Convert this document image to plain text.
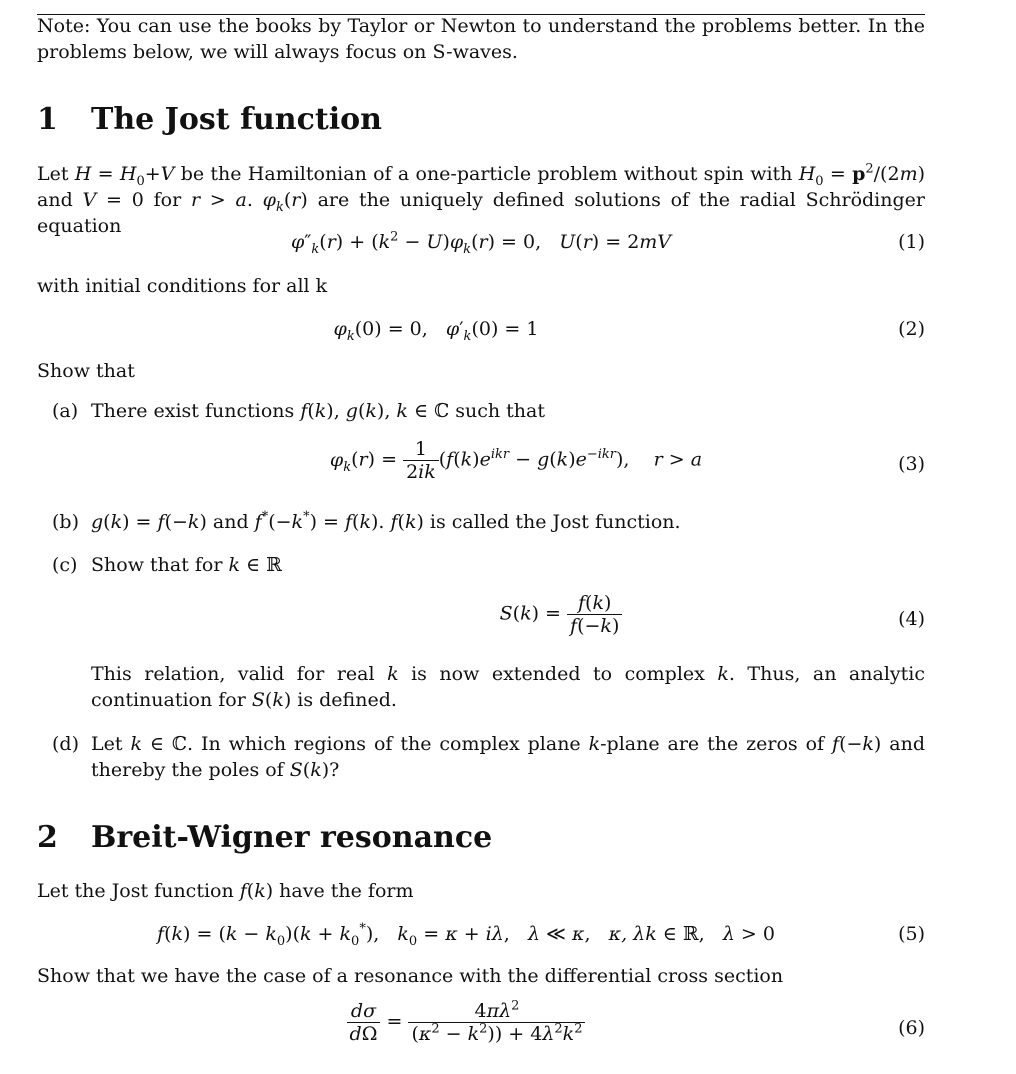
Note: You can use the books by Taylor or Newton to understand the problems better. In the problems below, we will always focus on S-waves.
1 The Jost function
Let $H = H_0+V$ be the Hamiltonian of a one-particle problem without spin with $H_0 = p^2/(2m)$ and V = 0 for r > a. $\varphi_k(r)$ are the uniquely defined solutions of the radial Schrödinger equation
$\varphi''_k(r) + (k^2 - U)\varphi_k(r) = 0$,   U(r) = 2mV	(1)
with initial conditions for all k
$\varphi_k(0) = 0$,   $\varphi'_k(0) = 1$	(2)
Show that
(a) There exist functions f(k), g(k), k ∈ ℂ such that
$\varphi_k(r) = \frac{1}{2ik} (f(k)e^{ikr} - g(k)e^{-ikr})$,    r > a	(3)
(b) g(k) = f(−k) and f*(−k*) = f(k). f(k) is called the Jost function.
(c) Show that for k ∈ ℝ
$S(k) = \frac{f(k)}{f(-k)}$	(4)
This relation, valid for real k is now extended to complex k. Thus, an analytic continuation for S(k) is defined.
(d) Let k ∈ ℂ. In which regions of the complex plane k-plane are the zeros of f(−k) and thereby the poles of S(k)?
2 Breit-Wigner resonance
Let the Jost function f(k) have the form
$f(k) = (k - k_0)(k + k_0^*)$,   $k_0 = \kappa + i\lambda$,   λ ≪ κ,   κ, λk ∈ ℝ,   λ > 0	(5)
Show that we have the case of a resonance with the differential cross section
$\frac{d\sigma}{d\Omega} = \frac{4\pi\lambda^2}{(\kappa^2 - k^2)) + 4\lambda^2k^2}$	(6)
